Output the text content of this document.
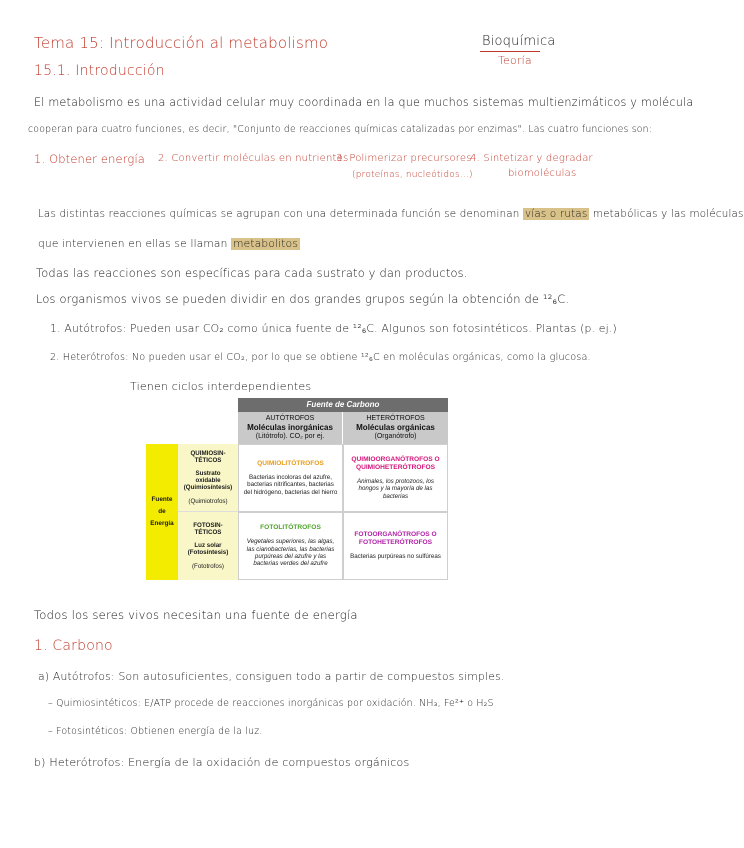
Tema 15: Introducción al metabolismo	Bioquímica
Teoría
15.1. Introducción
El metabolismo es una actividad celular muy coordinada en la que muchos sistemas multienzimáticos y molécula
cooperan para cuatro funciones, es decir, "Conjunto de reacciones químicas catalizadas por enzimas". Las cuatro funciones son:
1. Obtener energía 2. Convertir moléculas en nutrientes
3. Polimerizar precursores
(proteínas, nucleótidos...)
4. Sintetizar y degradar
biomoléculas
Las distintas reacciones químicas se agrupan con una determinada función se denominan vías o rutas metabólicas y las moléculas
que intervienen en ellas se llaman metabolitos
Todas las reacciones son específicas para cada sustrato y dan productos.
Los organismos vivos se pueden dividir en dos grandes grupos según la obtención de ¹²₆C.
1. Autótrofos: Pueden usar CO₂ como única fuente de ¹²₆C. Algunos son fotosintéticos. Plantas (p. ej.)
2. Heterótrofos: No pueden usar el CO₂, por lo que se obtiene ¹²₆C en moléculas orgánicas, como la glucosa.
Tienen ciclos interdependientes
Fuente de Carbono
AUTÓTROFOS
Moléculas inorgánicas
(Litótrofo). CO₂ por ej.
HETERÓTROFOS
Moléculas orgánicas
(Organótrofo)
Fuente
de
Energía
QUIMIOSIN-
TÉTICOS
Sustrato
oxidable
(Quimiosíntesis)
(Quimiotrofos)
FOTOSIN-
TÉTICOS
Luz solar
(Fotosíntesis)
(Fototrofos)
QUIMIOLITÓTROFOS
Bacterias incoloras del azufre, bacterias nitrificantes, bacterias del hidrógeno, bacterias del hierro
QUIMIOORGANÓTROFOS O QUIMIOHETERÓTROFOS
Animales, los protozoos, los hongos y la mayoría de las bacterias
FOTOLITÓTROFOS
Vegetales superiores, las algas, las cianobacterias, las bacterias purpúreas del azufre y las bacterias verdes del azufre
FOTOORGANÓTROFOS O FOTOHETERÓTROFOS
Bacterias purpúreas no sulfúreas
Todos los seres vivos necesitan una fuente de energía
1. Carbono
a) Autótrofos: Son autosuficientes, consiguen todo a partir de compuestos simples.
– Quimiosintéticos: E/ATP procede de reacciones inorgánicas por oxidación. NH₃, Fe²⁺ o H₂S
– Fotosintéticos: Obtienen energía de la luz.
b) Heterótrofos: Energía de la oxidación de compuestos orgánicos
